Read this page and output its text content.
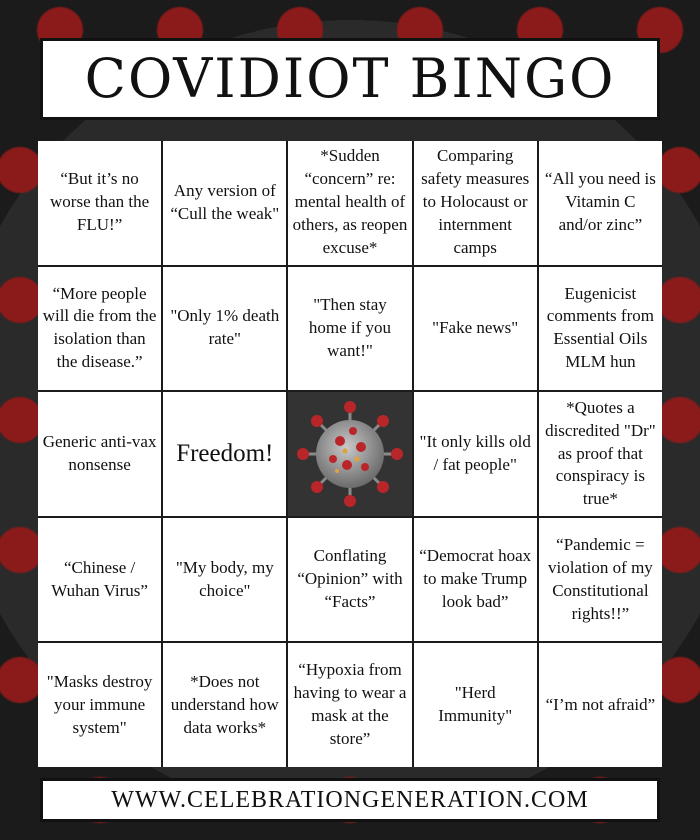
COVIDIOT BINGO
“But it’s no worse than the FLU!”
Any version of “Cull the weak"
*Sudden “concern” re: mental health of others, as reopen excuse*
Comparing safety measures to Holocaust or internment camps
“All you need is Vitamin C and/or zinc”
“More people will die from the isolation than the disease.”
"Only 1% death rate"
"Then stay home if you want!"
"Fake news"
Eugenicist comments from Essential Oils MLM hun
Generic anti-vax nonsense	Freedom!	"It only kills old / fat people"
*Quotes a discredited "Dr" as proof that conspiracy is true*
“Chinese / Wuhan Virus”
"My body, my choice"
Conflating “Opinion” with “Facts”
“Democrat hoax to make Trump look bad”
“Pandemic = violation of my Constitutional rights!!”
"Masks destroy your immune system"
*Does not understand how data works*
“Hypoxia from having to wear a mask at the store”
"Herd Immunity"
“I’m not afraid”
WWW.CELEBRATIONGENERATION.COM
